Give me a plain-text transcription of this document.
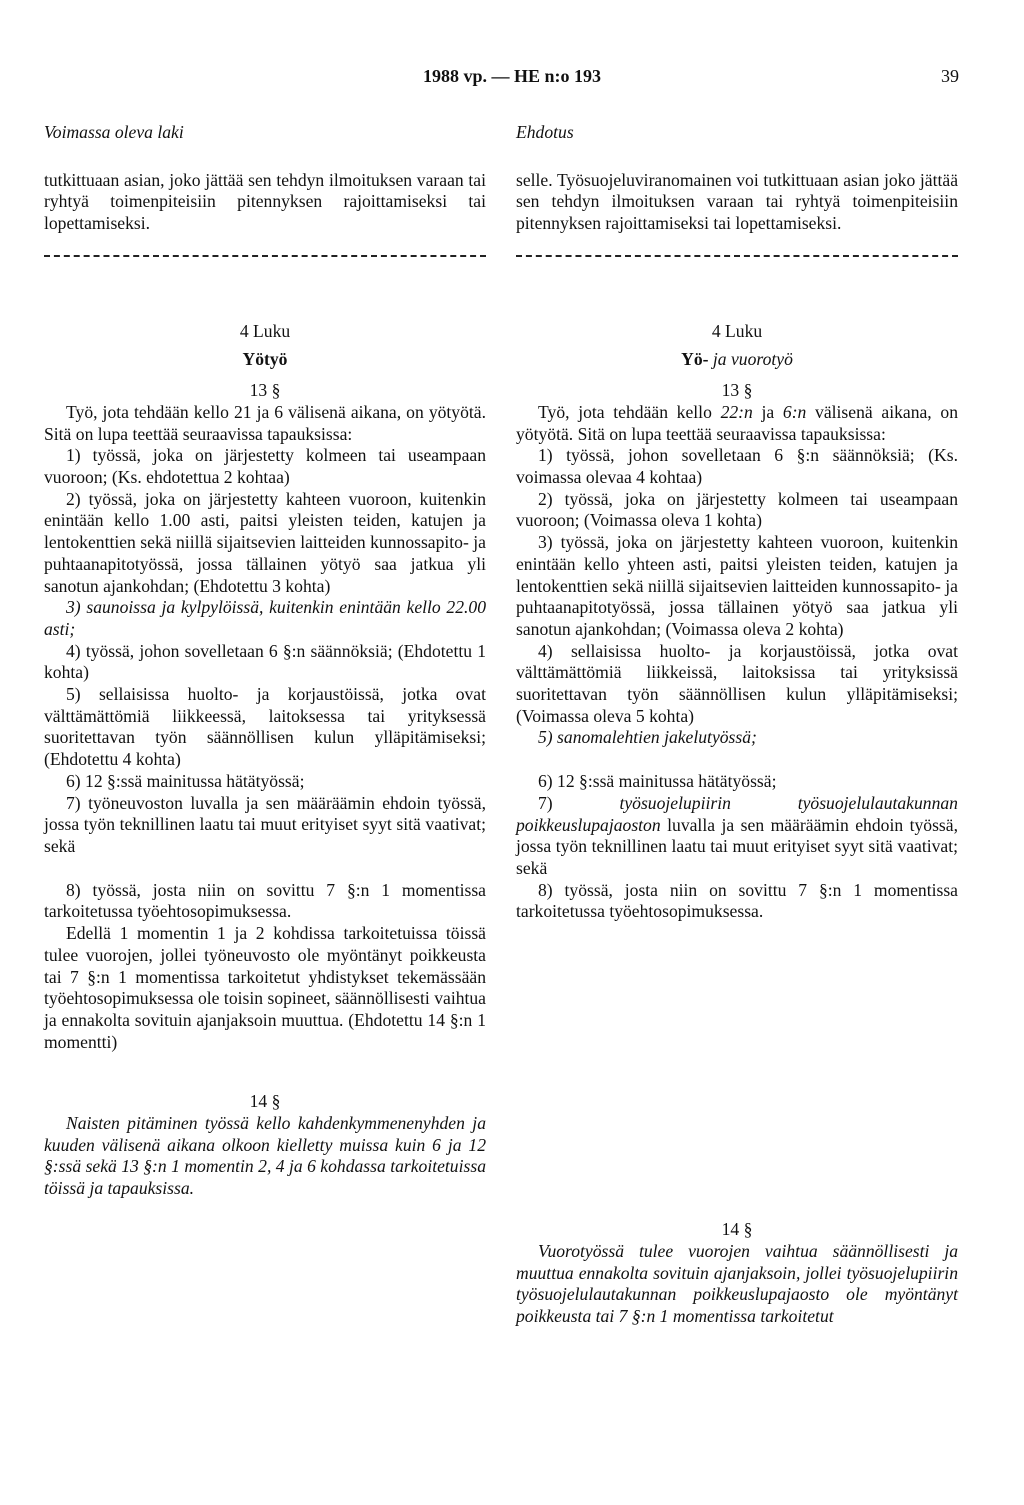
1988 vp. — HE n:o 193	39

Voimassa oleva laki

tutkittuaan asian, joko jättää sen tehdyn ilmoituksen varaan tai ryhtyä toimenpiteisiin pitennyksen rajoittamiseksi tai lopettamiseksi.

4 Luku

Yötyö

13 §

Työ, jota tehdään kello 21 ja 6 välisenä aikana, on yötyötä. Sitä on lupa teettää seuraavissa tapauksissa:

1) työssä, joka on järjestetty kolmeen tai useampaan vuoroon; (Ks. ehdotettua 2 kohtaa)

2) työssä, joka on järjestetty kahteen vuoroon, kuitenkin enintään kello 1.00 asti, paitsi yleisten teiden, katujen ja lentokenttien sekä niillä sijaitsevien laitteiden kunnossapito- ja puhtaanapitotyössä, jossa tällainen yötyö saa jatkua yli sanotun ajankohdan; (Ehdotettu 3 kohta)

3) saunoissa ja kylpylöissä, kuitenkin enintään kello 22.00 asti;

4) työssä, johon sovelletaan 6 §:n säännöksiä; (Ehdotettu 1 kohta)

5) sellaisissa huolto- ja korjaustöissä, jotka ovat välttämättömiä liikkeessä, laitoksessa tai yrityksessä suoritettavan työn säännöllisen kulun ylläpitämiseksi; (Ehdotettu 4 kohta)

6) 12 §:ssä mainitussa hätätyössä;

7) työneuvoston luvalla ja sen määräämin ehdoin työssä, jossa työn teknillinen laatu tai muut erityiset syyt sitä vaativat; sekä

8) työssä, josta niin on sovittu 7 §:n 1 momentissa tarkoitetussa työehtosopimuksessa.

Edellä 1 momentin 1 ja 2 kohdissa tarkoitetuissa töissä tulee vuorojen, jollei työneuvosto ole myöntänyt poikkeusta tai 7 §:n 1 momentissa tarkoitetut yhdistykset tekemässään työehtosopimuksessa ole toisin sopineet, säännöllisesti vaihtua ja ennakolta sovituin ajanjaksoin muuttua. (Ehdotettu 14 §:n 1 momentti)

14 §

Naisten pitäminen työssä kello kahdenkymmenenyhden ja kuuden välisenä aikana olkoon kielletty muissa kuin 6 ja 12 §:ssä sekä 13 §:n 1 momentin 2, 4 ja 6 kohdassa tarkoitetuissa töissä ja tapauksissa.

Ehdotus

selle. Työsuojeluviranomainen voi tutkittuaan asian joko jättää sen tehdyn ilmoituksen varaan tai ryhtyä toimenpiteisiin pitennyksen rajoittamiseksi tai lopettamiseksi.

4 Luku

Yö- ja vuorotyö

13 §

Työ, jota tehdään kello 22:n ja 6:n välisenä aikana, on yötyötä. Sitä on lupa teettää seuraavissa tapauksissa:

1) työssä, johon sovelletaan 6 §:n säännöksiä; (Ks. voimassa olevaa 4 kohtaa)

2) työssä, joka on järjestetty kolmeen tai useampaan vuoroon; (Voimassa oleva 1 kohta)

3) työssä, joka on järjestetty kahteen vuoroon, kuitenkin enintään kello yhteen asti, paitsi yleisten teiden, katujen ja lentokenttien sekä niillä sijaitsevien laitteiden kunnossapito- ja puhtaanapitotyössä, jossa tällainen yötyö saa jatkua yli sanotun ajankohdan; (Voimassa oleva 2 kohta)

4) sellaisissa huolto- ja korjaustöissä, jotka ovat välttämättömiä liikkeissä, laitoksissa tai yrityksissä suoritettavan työn säännöllisen kulun ylläpitämiseksi; (Voimassa oleva 5 kohta)

5) sanomalehtien jakelutyössä;

6) 12 §:ssä mainitussa hätätyössä;

7) työsuojelupiirin työsuojelulautakunnan poikkeuslupajaoston luvalla ja sen määräämin ehdoin työssä, jossa työn teknillinen laatu tai muut erityiset syyt sitä vaativat; sekä

8) työssä, josta niin on sovittu 7 §:n 1 momentissa tarkoitetussa työehtosopimuksessa.

14 §

Vuorotyössä tulee vuorojen vaihtua säännöllisesti ja muuttua ennakolta sovituin ajanjaksoin, jollei työsuojelupiirin työsuojelulautakunnan poikkeuslupajaosto ole myöntänyt poikkeusta tai 7 §:n 1 momentissa tarkoitetut
